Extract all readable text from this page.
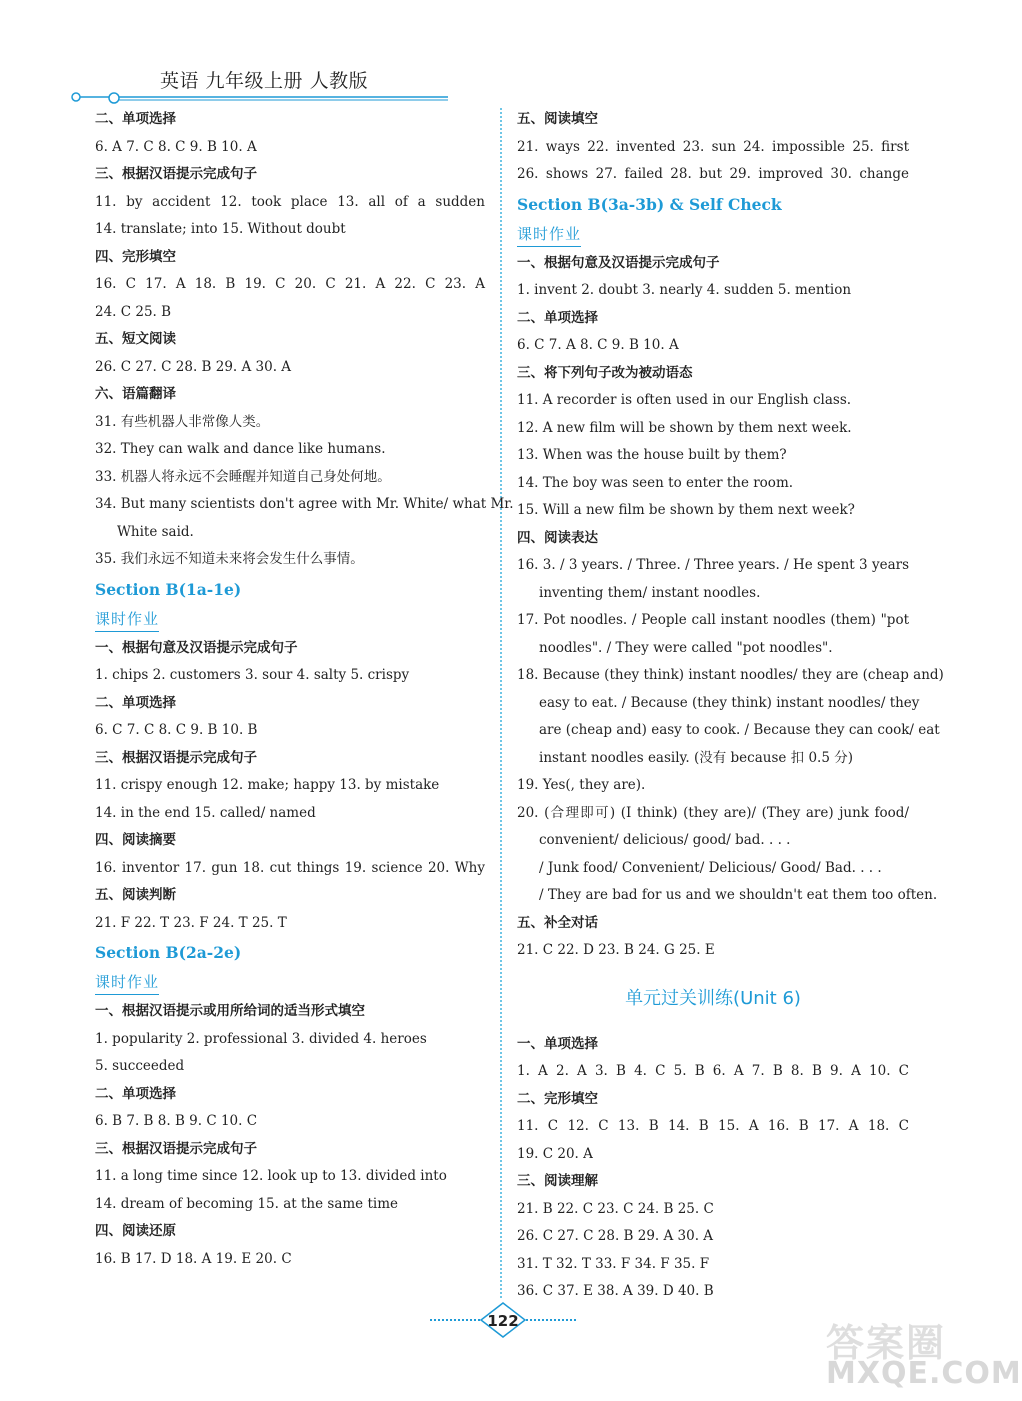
英语 九年级上册 人教版
二、单项选择
6. A 7. C 8. C 9. B 10. A
三、根据汉语提示完成句子
11. by accident 12. took place 13. all of a sudden
14. translate; into 15. Without doubt
四、完形填空
16. C 17. A 18. B 19. C 20. C 21. A 22. C 23. A
24. C 25. B
五、短文阅读
26. C 27. C 28. B 29. A 30. A
六、语篇翻译
31. 有些机器人非常像人类。
32. They can walk and dance like humans.
33. 机器人将永远不会睡醒并知道自己身处何地。
34. But many scientists don't agree with Mr. White/ what Mr.
White said.
35. 我们永远不知道未来将会发生什么事情。
Section B(1a-1e)
课时作业
一、根据句意及汉语提示完成句子
1. chips 2. customers 3. sour 4. salty 5. crispy
二、单项选择
6. C 7. C 8. C 9. B 10. B
三、根据汉语提示完成句子
11. crispy enough 12. make; happy 13. by mistake
14. in the end 15. called/ named
四、阅读摘要
16. inventor 17. gun 18. cut things 19. science 20. Why
五、阅读判断
21. F 22. T 23. F 24. T 25. T
Section B(2a-2e)
课时作业
一、根据汉语提示或用所给词的适当形式填空
1. popularity 2. professional 3. divided 4. heroes
5. succeeded
二、单项选择
6. B 7. B 8. B 9. C 10. C
三、根据汉语提示完成句子
11. a long time since 12. look up to 13. divided into
14. dream of becoming 15. at the same time
四、阅读还原
16. B 17. D 18. A 19. E 20. C
五、阅读填空
21. ways 22. invented 23. sun 24. impossible 25. first
26. shows 27. failed 28. but 29. improved 30. change
Section B(3a-3b) & Self Check
课时作业
一、根据句意及汉语提示完成句子
1. invent 2. doubt 3. nearly 4. sudden 5. mention
二、单项选择
6. C 7. A 8. C 9. B 10. A
三、将下列句子改为被动语态
11. A recorder is often used in our English class.
12. A new film will be shown by them next week.
13. When was the house built by them?
14. The boy was seen to enter the room.
15. Will a new film be shown by them next week?
四、阅读表达
16. 3. / 3 years. / Three. / Three years. / He spent 3 years
inventing them/ instant noodles.
17. Pot noodles. / People call instant noodles (them) "pot
noodles". / They were called "pot noodles".
18. Because (they think) instant noodles/ they are (cheap and)
easy to eat. / Because (they think) instant noodles/ they
are (cheap and) easy to cook. / Because they can cook/ eat
instant noodles easily. (没有 because 扣 0.5 分)
19. Yes(, they are).
20. (合理即可) (I think) (they are)/ (They are) junk food/
convenient/ delicious/ good/ bad. . . .
/ Junk food/ Convenient/ Delicious/ Good/ Bad. . . .
/ They are bad for us and we shouldn't eat them too often.
五、补全对话
21. C 22. D 23. B 24. G 25. E
单元过关训练(Unit 6)
一、单项选择
1. A 2. A 3. B 4. C 5. B 6. A 7. B 8. B 9. A 10. C
二、完形填空
11. C 12. C 13. B 14. B 15. A 16. B 17. A 18. C
19. C 20. A
三、阅读理解
21. B 22. C 23. C 24. B 25. C
26. C 27. C 28. B 29. A 30. A
31. T 32. T 33. F 34. F 35. F
36. C 37. E 38. A 39. D 40. B
122	答案圈
MXQE.COM
